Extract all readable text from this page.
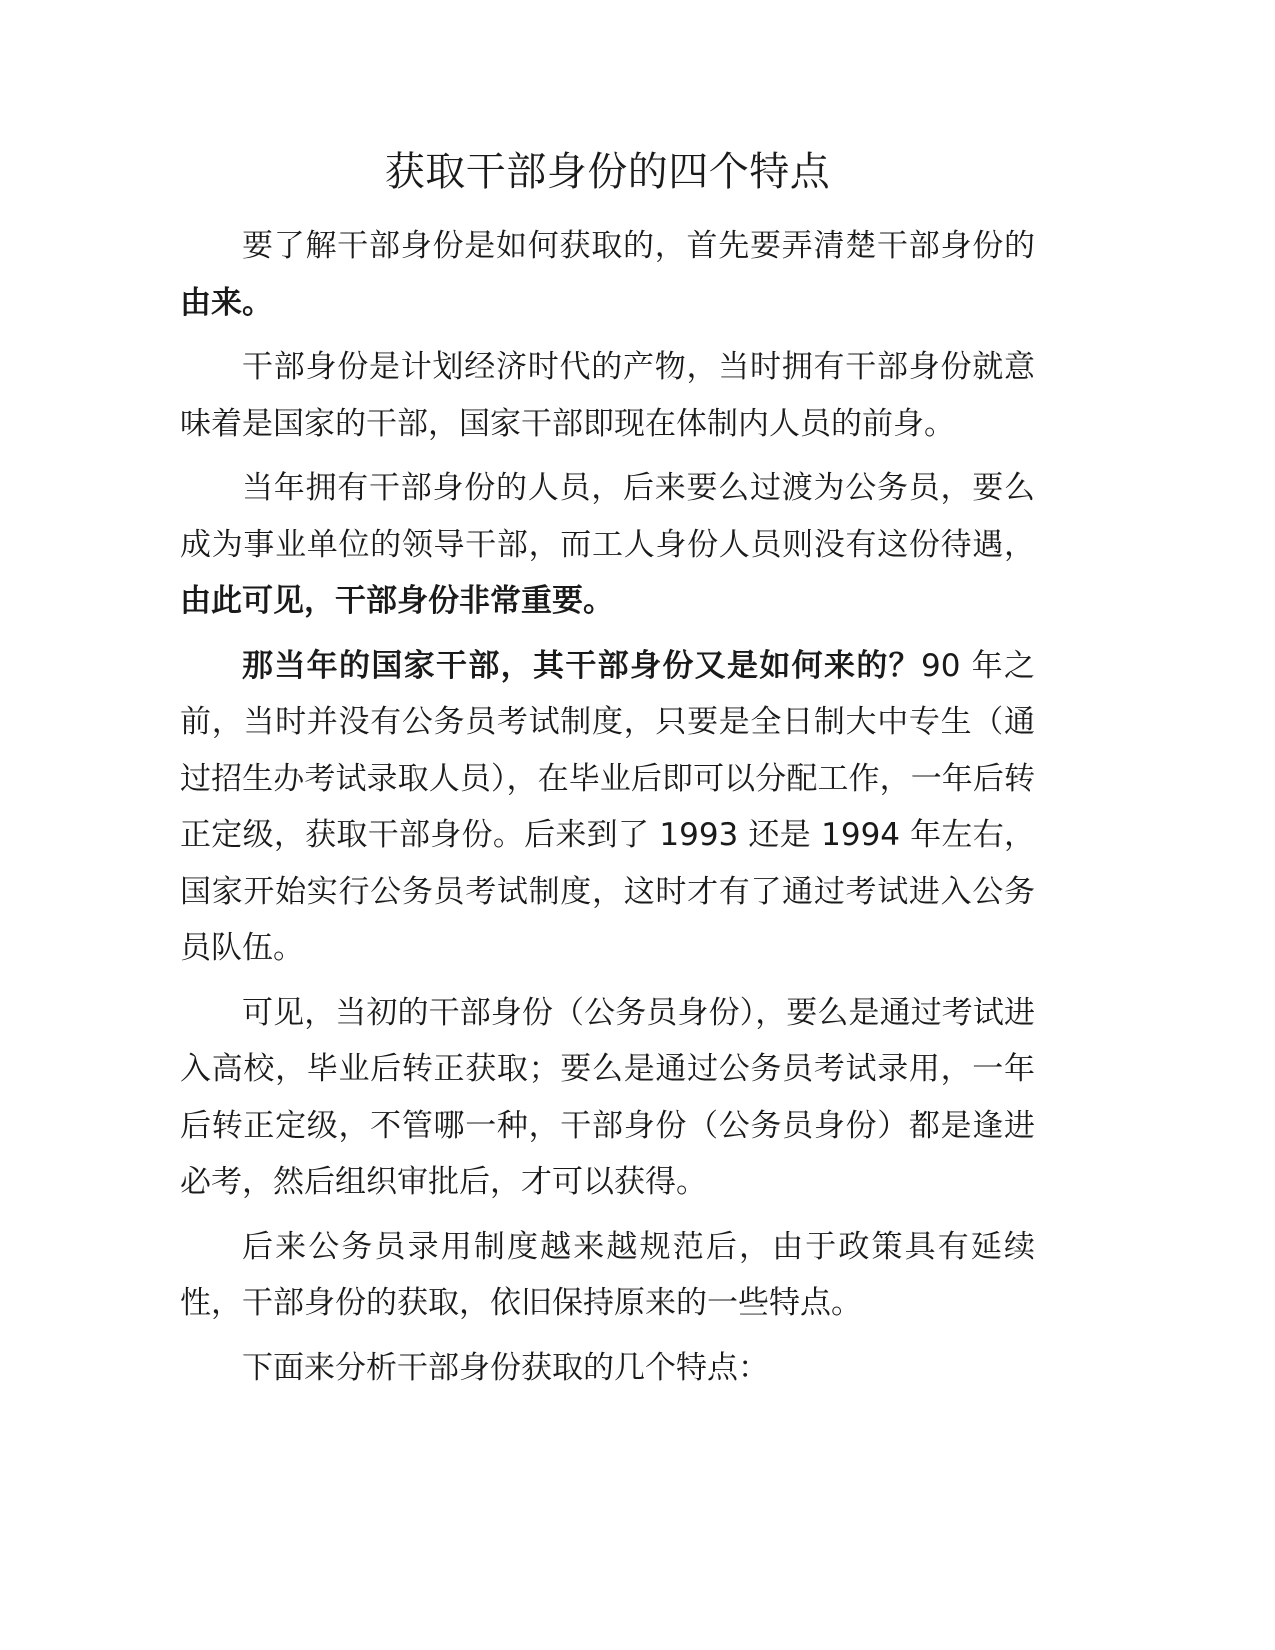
获取干部身份的四个特点

要了解干部身份是如何获取的，首先要弄清楚干部身份的由来。

干部身份是计划经济时代的产物，当时拥有干部身份就意味着是国家的干部，国家干部即现在体制内人员的前身。

当年拥有干部身份的人员，后来要么过渡为公务员，要么成为事业单位的领导干部，而工人身份人员则没有这份待遇，由此可见，干部身份非常重要。

那当年的国家干部，其干部身份又是如何来的？90 年之前，当时并没有公务员考试制度，只要是全日制大中专生（通过招生办考试录取人员），在毕业后即可以分配工作，一年后转正定级，获取干部身份。后来到了 1993 还是 1994 年左右，国家开始实行公务员考试制度，这时才有了通过考试进入公务员队伍。

可见，当初的干部身份（公务员身份），要么是通过考试进入高校，毕业后转正获取；要么是通过公务员考试录用，一年后转正定级，不管哪一种，干部身份（公务员身份）都是逢进必考，然后组织审批后，才可以获得。

后来公务员录用制度越来越规范后，由于政策具有延续性，干部身份的获取，依旧保持原来的一些特点。

下面来分析干部身份获取的几个特点：
